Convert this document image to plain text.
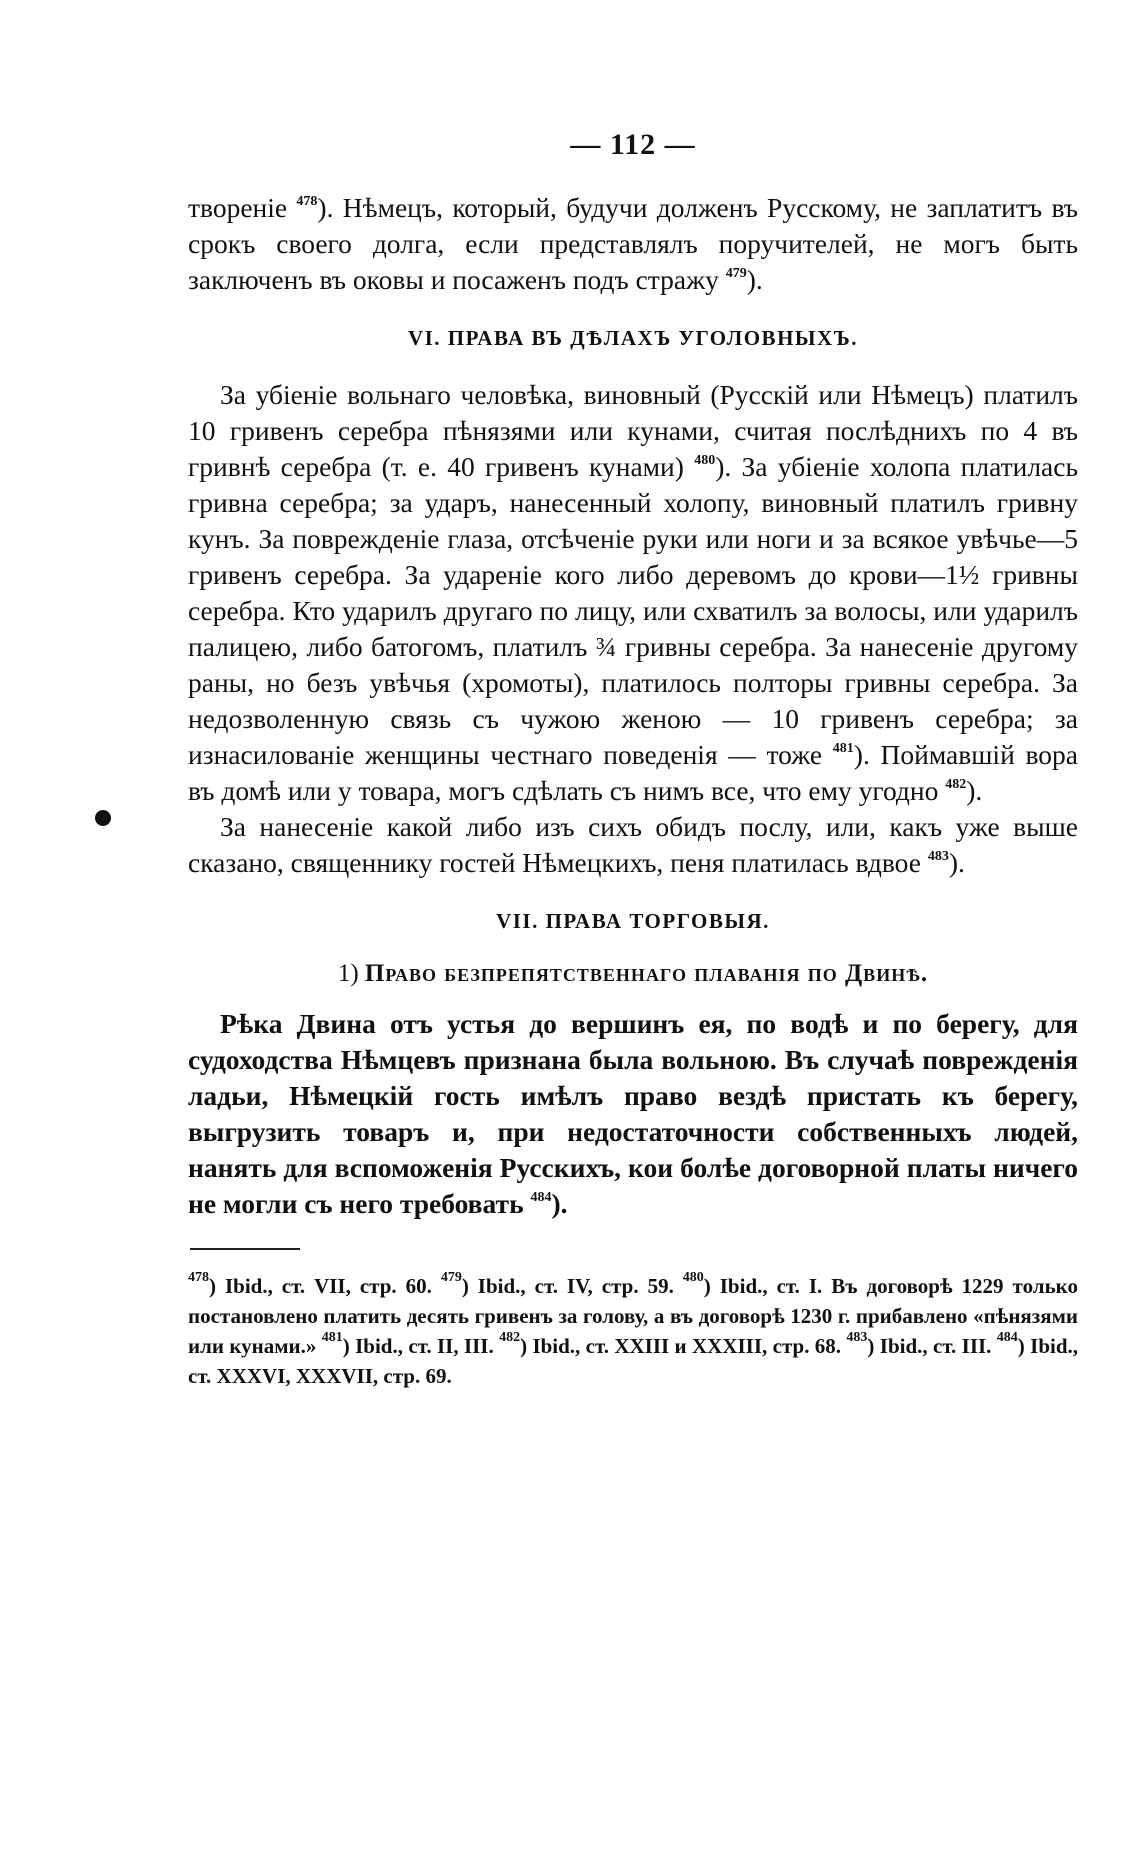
— 112 —

твореніе $^{478}$). Нѣмецъ, который, будучи долженъ Русскому, не заплатитъ въ срокъ своего долга, если представлялъ поручителей, не могъ быть заключенъ въ оковы и посаженъ подъ стражу $^{479}$).

VI. ПРАВА ВЪ ДѢЛАХЪ УГОЛОВНЫХЪ.

За убіеніе вольнаго человѣка, виновный (Русскій или Нѣмецъ) платилъ 10 гривенъ серебра пѣнязями или кунами, считая послѣднихъ по 4 въ гривнѣ серебра (т. е. 40 гривенъ кунами) $^{480}$). За убіеніе холопа платилась гривна серебра; за ударъ, нанесенный холопу, виновный платилъ гривну кунъ. За поврежденіе глаза, отсѣченіе руки или ноги и за всякое увѣчье—5 гривенъ серебра. За удареніе кого либо деревомъ до крови—1½ гривны серебра. Кто ударилъ другаго по лицу, или схватилъ за волосы, или ударилъ палицею, либо батогомъ, платилъ ¾ гривны серебра. За нанесеніе другому раны, но безъ увѣчья (хромоты), платилось полторы гривны серебра. За недозволенную связь съ чужою женою — 10 гривенъ серебра; за изнасилованіе женщины честнаго поведенія — тоже $^{481}$). Поймавшій вора въ домѣ или у товара, могъ сдѣлать съ нимъ все, что ему угодно $^{482}$).

За нанесеніе какой либо изъ сихъ обидъ послу, или, какъ уже выше сказано, священнику гостей Нѣмецкихъ, пеня платилась вдвое $^{483}$).

VII. ПРАВА ТОРГОВЫЯ.
1) Право безпрепятственнаго плаванія по Двинѣ.

Рѣка Двина отъ устья до вершинъ ея, по водѣ и по берегу, для судоходства Нѣмцевъ признана была вольною. Въ случаѣ поврежденія ладьи, Нѣмецкій гость имѣлъ право вездѣ пристать къ берегу, выгрузить товаръ и, при недостаточности собственныхъ людей, нанять для вспоможенія Русскихъ, кои болѣе договорной платы ничего не могли съ него требовать $^{484}$).

$^{478}$) Ibid., ст. VII, стр. 60. $^{479}$) Ibid., ст. IV, стр. 59. $^{480}$) Ibid., ст. I. Въ договорѣ 1229 только постановлено платить десять гривенъ за голову, а въ договорѣ 1230 г. прибавлено «пѣнязями или кунами.» $^{481}$) Ibid., ст. II, III. $^{482}$) Ibid., ст. XXIII и XXXIII, стр. 68. $^{483}$) Ibid., ст. III. $^{484}$) Ibid., ст. XXXVI, XXXVII, стр. 69.
